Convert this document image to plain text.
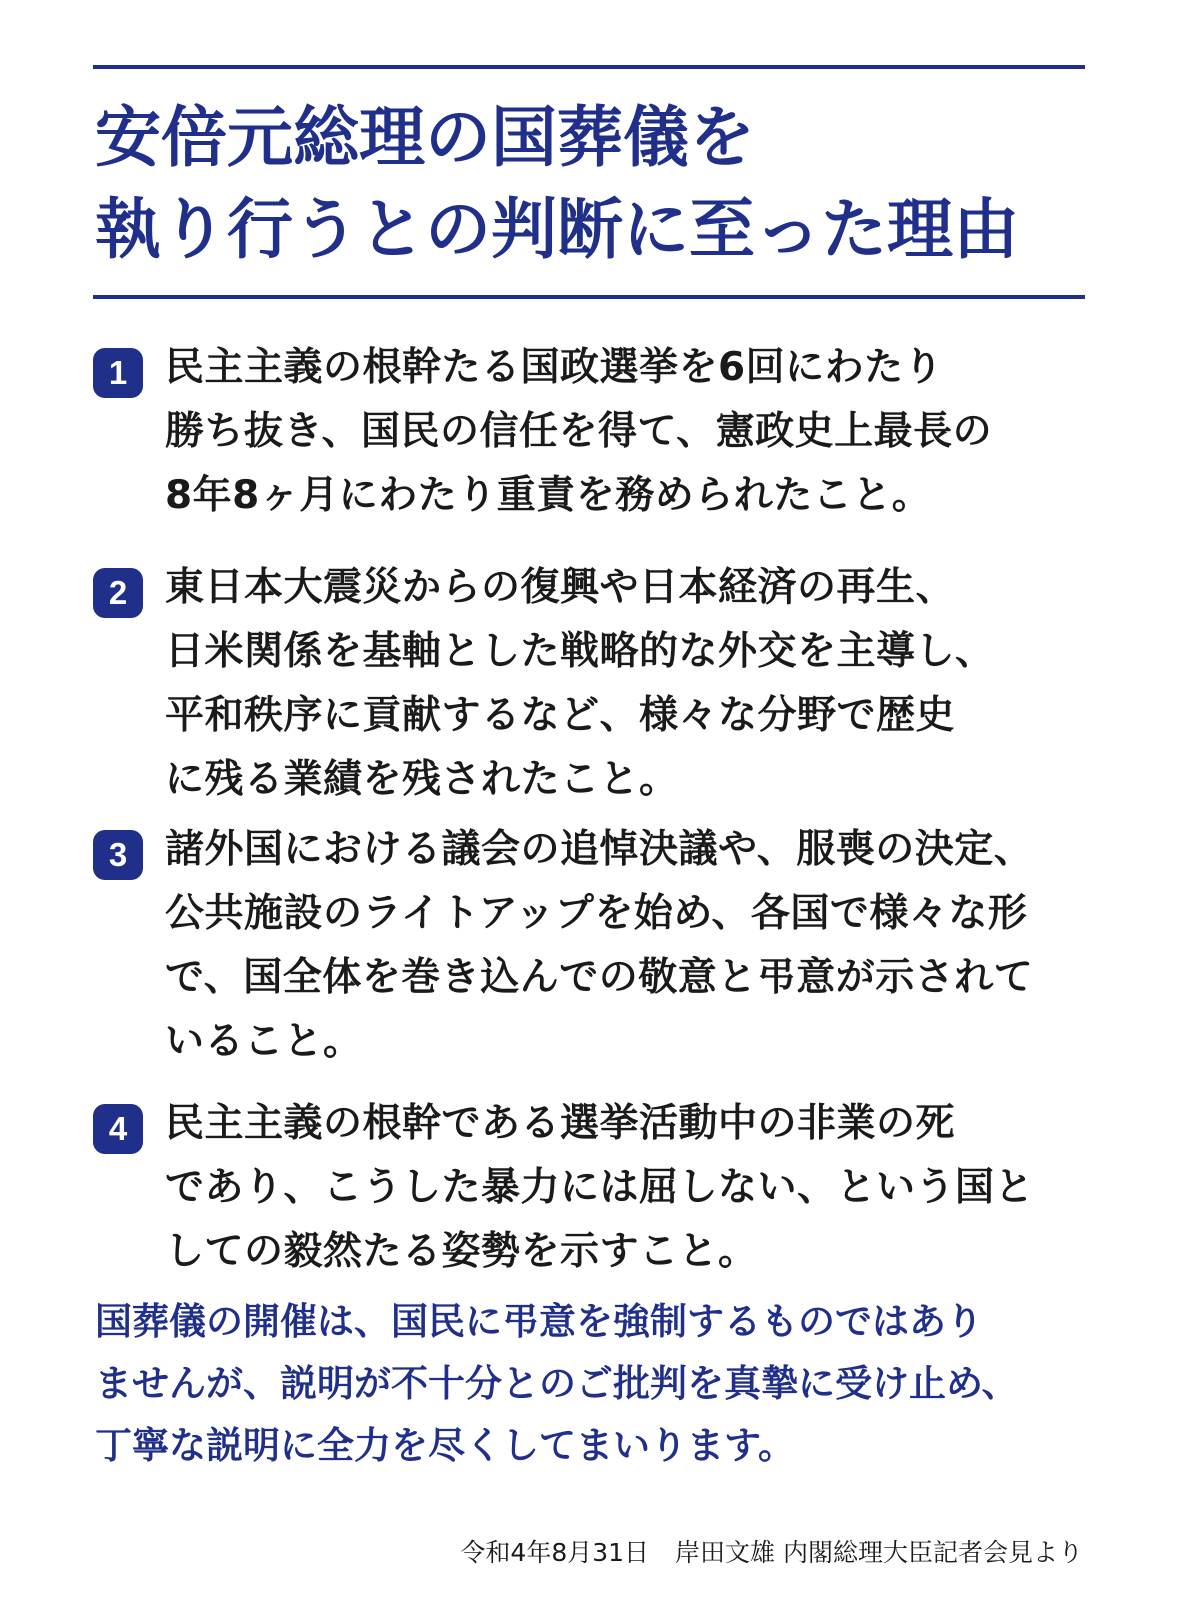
安倍元総理の国葬儀を
執り行うとの判断に至った理由
1 民主主義の根幹たる国政選挙を6回にわたり
勝ち抜き、国民の信任を得て、憲政史上最長の
8年8ヶ月にわたり重責を務められたこと。
2 東日本大震災からの復興や日本経済の再生、
日米関係を基軸とした戦略的な外交を主導し、
平和秩序に貢献するなど、様々な分野で歴史
に残る業績を残されたこと。
3 諸外国における議会の追悼決議や、服喪の決定、
公共施設のライトアップを始め、各国で様々な形
で、国全体を巻き込んでの敬意と弔意が示されて
いること。
4 民主主義の根幹である選挙活動中の非業の死
であり、こうした暴力には屈しない、という国と
しての毅然たる姿勢を示すこと。
国葬儀の開催は、国民に弔意を強制するものではあり
ませんが、説明が不十分とのご批判を真摯に受け止め、
丁寧な説明に全力を尽くしてまいります。
令和4年8月31日 岸田文雄 内閣総理大臣記者会見より
